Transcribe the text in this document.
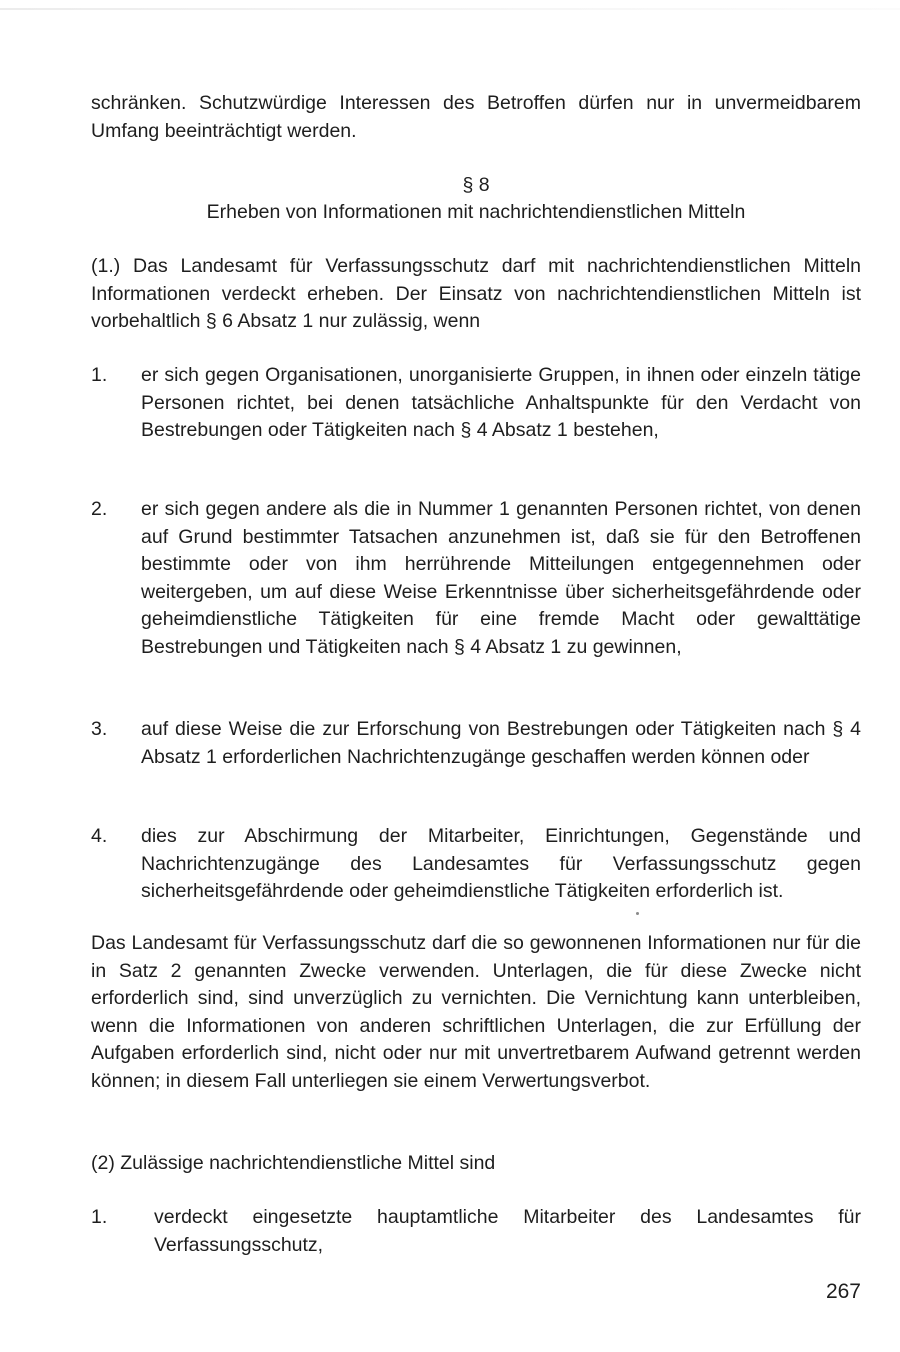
schränken. Schutzwürdige Interessen des Betroffen dürfen nur in unvermeidbarem Umfang beeinträchtigt werden.

§ 8

Erheben von Informationen mit nachrichtendienstlichen Mitteln

(1.) Das Landesamt für Verfassungsschutz darf mit nachrichtendienstlichen Mitteln Informationen verdeckt erheben. Der Einsatz von nachrichtendienstlichen Mitteln ist vorbehaltlich § 6 Absatz 1 nur zulässig, wenn

1.	er sich gegen Organisationen, unorganisierte Gruppen, in ihnen oder einzeln tätige Personen richtet, bei denen tatsächliche Anhaltspunkte für den Verdacht von Bestrebungen oder Tätigkeiten nach § 4 Absatz 1 bestehen,
2.	er sich gegen andere als die in Nummer 1 genannten Personen richtet, von denen auf Grund bestimmter Tatsachen anzunehmen ist, daß sie für den Betroffenen bestimmte oder von ihm herrührende Mitteilungen entgegennehmen oder weitergeben, um auf diese Weise Erkenntnisse über sicherheitsgefährdende oder geheimdienstliche Tätigkeiten für eine fremde Macht oder gewalttätige Bestrebungen und Tätigkeiten nach § 4 Absatz 1 zu gewinnen,
3.	auf diese Weise die zur Erforschung von Bestrebungen oder Tätigkeiten nach § 4 Absatz 1 erforderlichen Nachrichtenzugänge geschaffen werden können oder
4.	dies zur Abschirmung der Mitarbeiter, Einrichtungen, Gegenstände und Nachrichtenzugänge des Landesamtes für Verfassungsschutz gegen sicherheitsgefährdende oder geheimdienstliche Tätigkeiten erforderlich ist.

Das Landesamt für Verfassungsschutz darf die so gewonnenen Informationen nur für die in Satz 2 genannten Zwecke verwenden. Unterlagen, die für diese Zwecke nicht erforderlich sind, sind unverzüglich zu vernichten. Die Vernichtung kann unterbleiben, wenn die Informationen von anderen schriftlichen Unterlagen, die zur Erfüllung der Aufgaben erforderlich sind, nicht oder nur mit unvertretbarem Aufwand getrennt werden können; in diesem Fall unterliegen sie einem Verwertungsverbot.

(2) Zulässige nachrichtendienstliche Mittel sind

1.	verdeckt eingesetzte hauptamtliche Mitarbeiter des Landesamtes für Verfassungsschutz,
267
